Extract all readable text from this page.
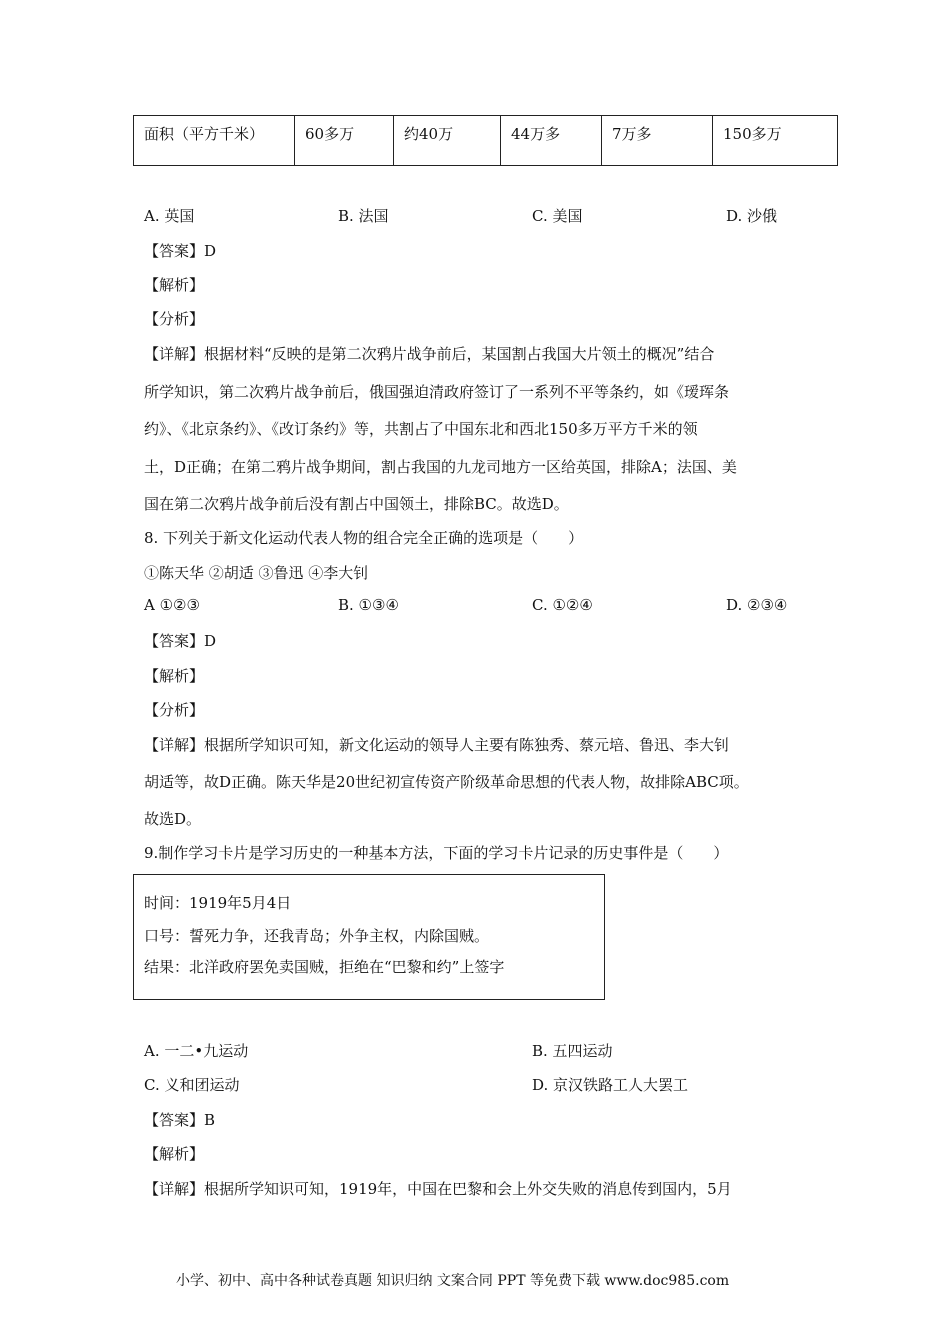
面积（平方千米）	60多万	约40万	44万多	7万多	150多万
A. 英国	B. 法国	C. 美国	D. 沙俄
【答案】D
【解析】
【分析】
【详解】根据材料“反映的是第二次鸦片战争前后，某国割占我国大片领土的概况”结合
所学知识，第二次鸦片战争前后，俄国强迫清政府签订了一系列不平等条约，如《瑷珲条
约》、《北京条约》、《改订条约》等，共割占了中国东北和西北150多万平方千米的领
土，D正确；在第二鸦片战争期间，割占我国的九龙司地方一区给英国，排除A；法国、美
国在第二次鸦片战争前后没有割占中国领土，排除BC。故选D。
8. 下列关于新文化运动代表人物的组合完全正确的选项是（　　）
①陈天华 ②胡适 ③鲁迅 ④李大钊
A ①②③	B. ①③④	C. ①②④	D. ②③④
【答案】D
【解析】
【分析】
【详解】根据所学知识可知，新文化运动的领导人主要有陈独秀、蔡元培、鲁迅、李大钊
胡适等，故D正确。陈天华是20世纪初宣传资产阶级革命思想的代表人物，故排除ABC项。
故选D。
9.制作学习卡片是学习历史的一种基本方法，下面的学习卡片记录的历史事件是（　　）
时间：1919年5月4日
口号：誓死力争，还我青岛；外争主权，内除国贼。
结果：北洋政府罢免卖国贼，拒绝在“巴黎和约”上签字
A. 一二•九运动	B. 五四运动
C. 义和团运动	D. 京汉铁路工人大罢工
【答案】B
【解析】
【详解】根据所学知识可知，1919年，中国在巴黎和会上外交失败的消息传到国内，5月
小学、初中、高中各种试卷真题 知识归纳 文案合同 PPT 等免费下载 www.doc985.com
